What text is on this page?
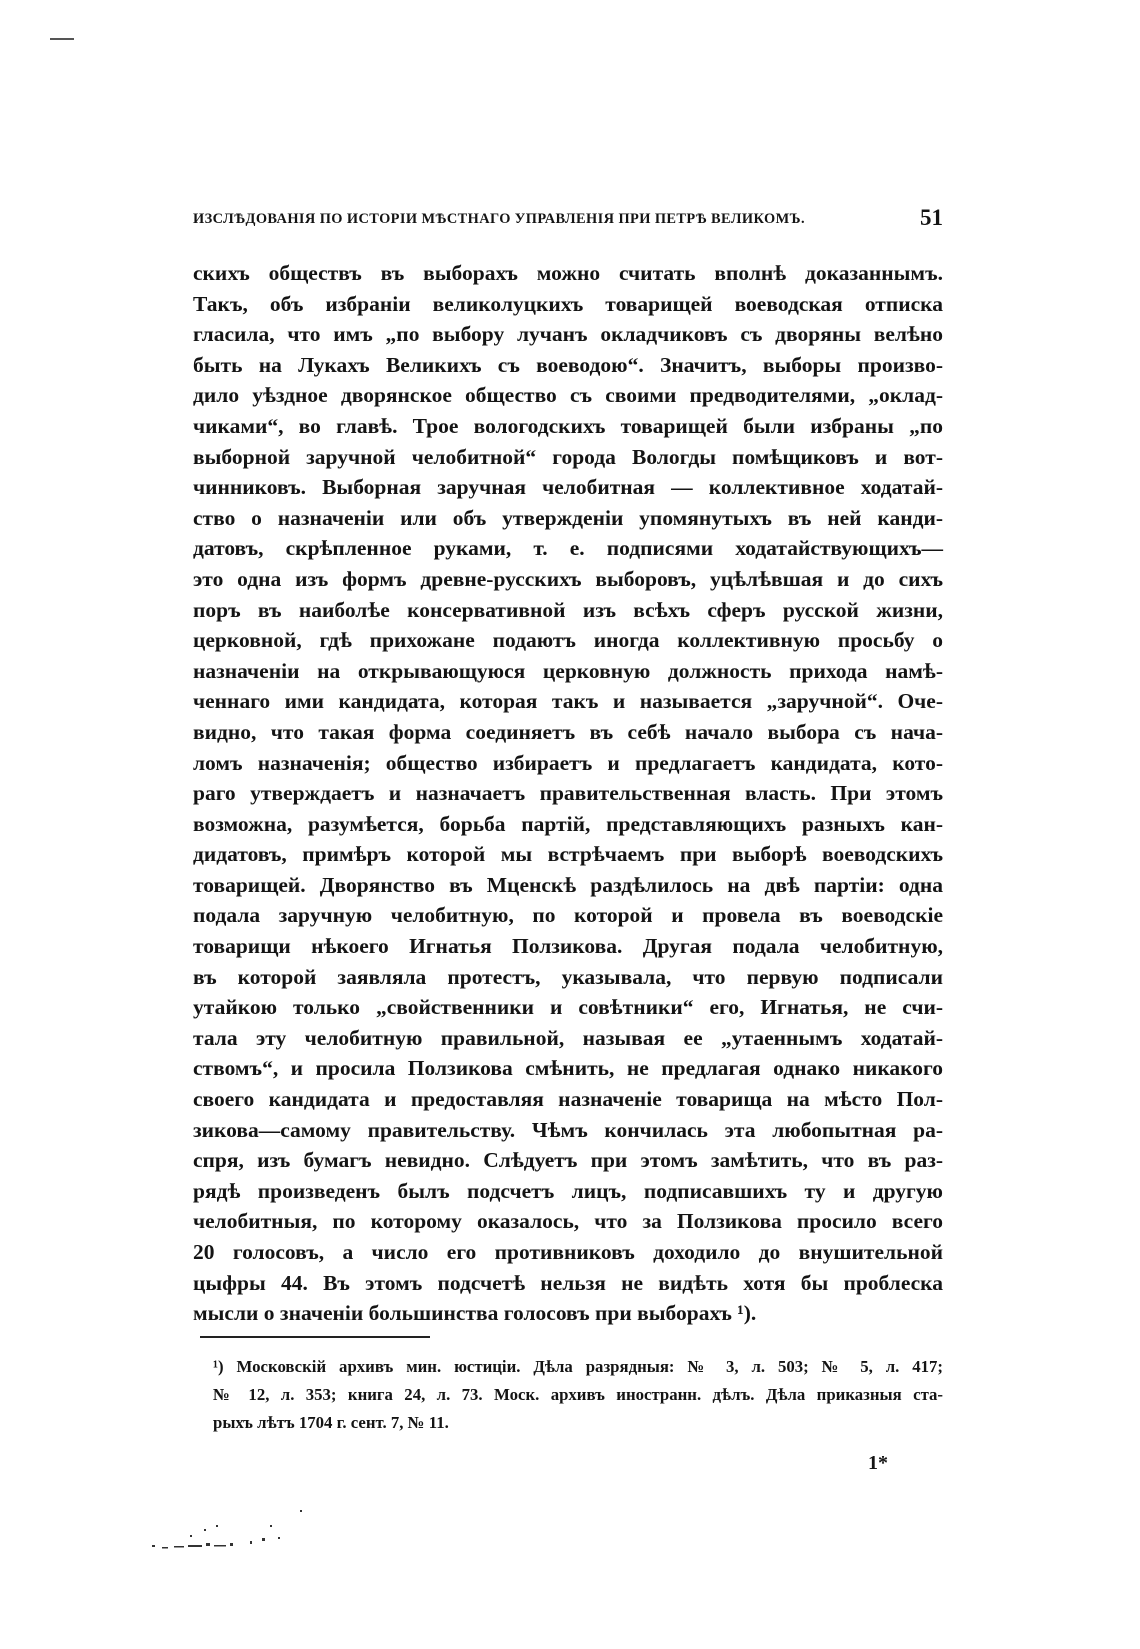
ИЗСЛѢДОВАНІЯ ПО ИСТОРІИ МѢСТНАГО УПРАВЛЕНІЯ ПРИ ПЕТРѢ ВЕЛИКОМЪ.	51
скихъ обществъ въ выборахъ можно считать вполнѣ доказаннымъ.
Такъ, объ избраніи великолуцкихъ товарищей воеводская отписка
гласила, что имъ „по выбору лучанъ окладчиковъ съ дворяны велѣно
быть на Лукахъ Великихъ съ воеводою“. Значитъ, выборы произво-
дило уѣздное дворянское общество съ своими предводителями, „оклад-
чиками“, во главѣ. Трое вологодскихъ товарищей были избраны „по
выборной заручной челобитной“ города Вологды помѣщиковъ и вот-
чинниковъ. Выборная заручная челобитная — коллективное ходатай-
ство о назначеніи или объ утвержденіи упомянутыхъ въ ней канди-
датовъ, скрѣпленное руками, т. е. подписями ходатайствующихъ—
это одна изъ формъ древне-русскихъ выборовъ, уцѣлѣвшая и до сихъ
поръ въ наиболѣе консервативной изъ всѣхъ сферъ русской жизни,
церковной, гдѣ прихожане подаютъ иногда коллективную просьбу о
назначеніи на открывающуюся церковную должность прихода намѣ-
ченнаго ими кандидата, которая такъ и называется „заручной“. Оче-
видно, что такая форма соединяетъ въ себѣ начало выбора съ нача-
ломъ назначенія; общество избираетъ и предлагаетъ кандидата, кото-
раго утверждаетъ и назначаетъ правительственная власть. При этомъ
возможна, разумѣется, борьба партій, представляющихъ разныхъ кан-
дидатовъ, примѣръ которой мы встрѣчаемъ при выборѣ воеводскихъ
товарищей. Дворянство въ Мценскѣ раздѣлилось на двѣ партіи: одна
подала заручную челобитную, по которой и провела въ воеводскіе
товарищи нѣкоего Игнатья Ползикова. Другая подала челобитную,
въ которой заявляла протестъ, указывала, что первую подписали
утайкою только „свойственники и совѣтники“ его, Игнатья, не счи-
тала эту челобитную правильной, называя ее „утаеннымъ ходатай-
ствомъ“, и просила Ползикова смѣнить, не предлагая однако никакого
своего кандидата и предоставляя назначеніе товарища на мѣсто Пол-
зикова—самому правительству. Чѣмъ кончилась эта любопытная ра-
спря, изъ бумагъ невидно. Слѣдуетъ при этомъ замѣтить, что въ раз-
рядѣ произведенъ былъ подсчетъ лицъ, подписавшихъ ту и другую
челобитныя, по которому оказалось, что за Ползикова просило всего
20 голосовъ, а число его противниковъ доходило до внушительной
цыфры 44. Въ этомъ подсчетѣ нельзя не видѣть хотя бы проблеска
мысли о значеніи большинства голосовъ при выборахъ ¹).
¹) Московскій архивъ мин. юстиціи. Дѣла разрядныя: № 3, л. 503; № 5, л. 417;
№ 12, л. 353; книга 24, л. 73. Моск. архивъ иностранн. дѣлъ. Дѣла приказныя ста-
рыхъ лѣтъ 1704 г. сент. 7, № 11.
1*
